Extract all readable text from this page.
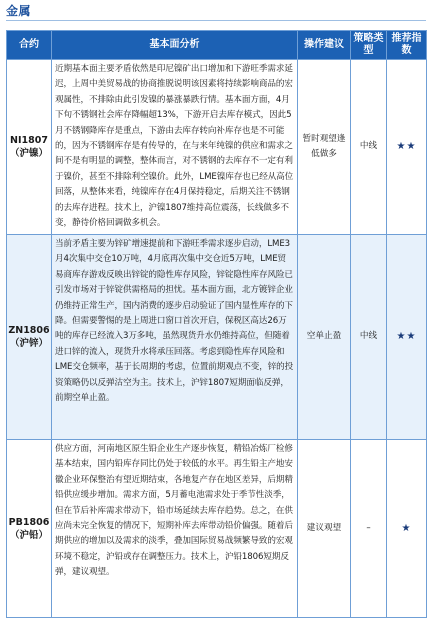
金属
合约	基本面分析	操作建议	策略类型	推荐指数

NI1807
（沪镍）	近期基本面主要矛盾依然是印尼镍矿出口增加和下游旺季需求延迟，上周中美贸易战的协商推脱说明该因素将持续影响商品的宏观属性，不排除由此引发镍的暴涨暴跌行情。基本面方面，4月下旬不锈钢社会库存降幅超13%，下游开启去库存模式，因此5月不锈钢降库存是重点，下游由去库存转向补库存也是不可能的，因为不锈钢库存是有传导的，在与来年纯镍的供应和需求之间不是有明显的调整，整体而言，对不锈钢的去库存不一定有利于镍价，甚至不排除利空镍价。此外，LME镍库存也已经从高位回落，从整体来看，纯镍库存在4月保持稳定，后期关注不锈钢的去库存进程。技术上，沪镍1807维持高位震荡，长线做多不变，静待价格回调做多机会。	暂时观望逢低做多	中线	★★

ZN1806
（沪锌）	当前矛盾主要为锌矿增速提前和下游旺季需求逐步启动，LME3月4次集中交仓10万吨，4月底再次集中交仓近5万吨，LME贸易商库存游戏反映出锌锭的隐性库存风险，锌锭隐性库存风险已引发市场对于锌锭供需格局的担忧。基本面方面，北方镀锌企业仍维持正常生产，国内消费的逐步启动验证了国内显性库存的下降。但需要警惕的是上周进口窗口首次开启，保税区高达26万吨的库存已经流入3万多吨，虽然现货升水仍维持高位，但随着进口锌的流入，现货升水将承压回落。考虑到隐性库存风险和LME交仓频率，基于长周期的考虑，位置前期观点不变，锌的投资策略仍以反弹沽空为主。技术上，沪锌1807短期面临反弹，前期空单止盈。	空单止盈	中线	★★

PB1806
（沪铅）	供应方面，河南地区原生铅企业生产逐步恢复，精铅冶炼厂检修基本结束，国内铅库存同比仍处于较低的水平。再生铅主产地安徽企业环保整治有望近期结束，各地复产存在地区差异，后期精铅供应缓步增加。需求方面，5月蓄电池需求处于季节性淡季，但在节后补库需求带动下，铅市场延续去库存趋势。总之，在供应尚未完全恢复的情况下，短期补库去库带动铅价偏强。随着后期供应的增加以及需求的淡季，叠加国际贸易战频繁导致的宏观环境不稳定，沪铅或存在调整压力。技术上，沪铅1806短期反弹，建议观望。	建议观望	–	★
